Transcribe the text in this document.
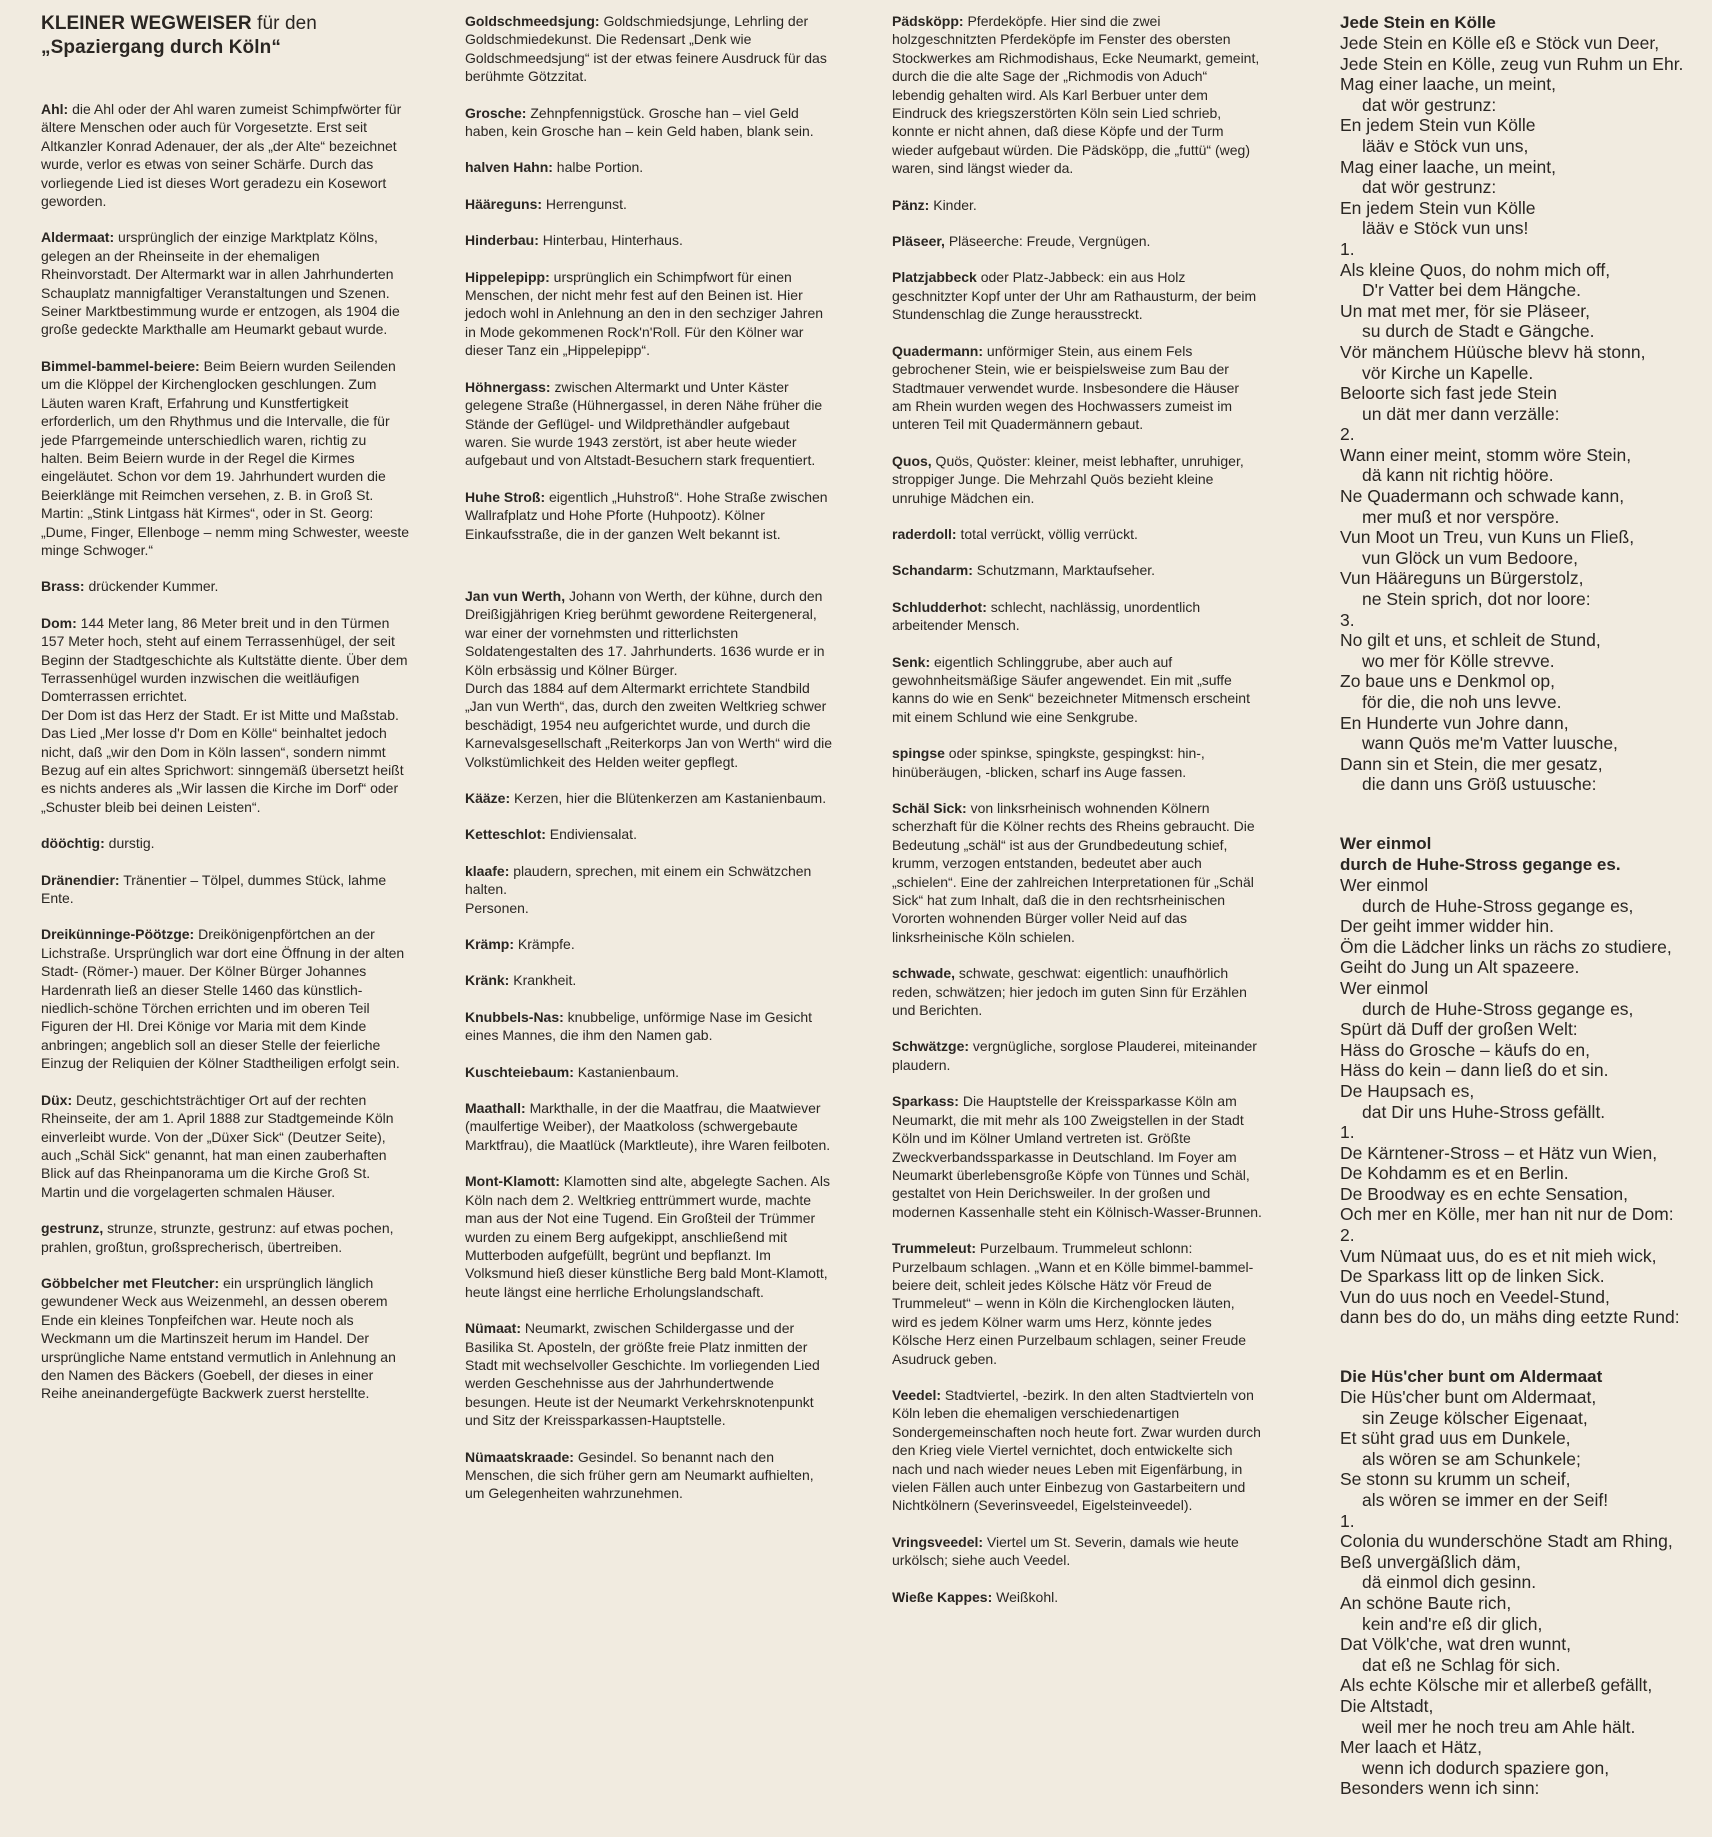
KLEINER WEGWEISER für den
„Spaziergang durch Köln“

Ahl: die Ahl oder der Ahl waren zumeist Schimpfwörter für ältere Menschen oder auch für Vorgesetzte. Erst seit Altkanzler Konrad Adenauer, der als „der Alte“ bezeichnet wurde, verlor es etwas von seiner Schärfe. Durch das vorliegende Lied ist dieses Wort geradezu ein Kosewort geworden.

Aldermaat: ursprünglich der einzige Marktplatz Kölns, gelegen an der Rheinseite in der ehemaligen Rheinvorstadt. Der Altermarkt war in allen Jahrhunderten Schauplatz mannigfaltiger Veranstaltungen und Szenen. Seiner Marktbestimmung wurde er entzogen, als 1904 die große gedeckte Markthalle am Heumarkt gebaut wurde.

Bimmel-bammel-beiere: Beim Beiern wurden Seilenden um die Klöppel der Kirchenglocken geschlungen. Zum Läuten waren Kraft, Erfahrung und Kunstfertigkeit erforderlich, um den Rhythmus und die Intervalle, die für jede Pfarrgemeinde unterschiedlich waren, richtig zu halten. Beim Beiern wurde in der Regel die Kirmes eingeläutet. Schon vor dem 19. Jahrhundert wurden die Beierklänge mit Reimchen versehen, z. B. in Groß St. Martin: „Stink Lintgass hät Kirmes“, oder in St. Georg: „Dume, Finger, Ellenboge – nemm ming Schwester, weeste minge Schwoger.“

Brass: drückender Kummer.

Dom: 144 Meter lang, 86 Meter breit und in den Türmen 157 Meter hoch, steht auf einem Terrassenhügel, der seit Beginn der Stadtgeschichte als Kultstätte diente. Über dem Terrassenhügel wurden inzwischen die weitläufigen Domterrassen errichtet.

Der Dom ist das Herz der Stadt. Er ist Mitte und Maßstab. Das Lied „Mer losse d'r Dom en Kölle“ beinhaltet jedoch nicht, daß „wir den Dom in Köln lassen“, sondern nimmt Bezug auf ein altes Sprichwort: sinngemäß übersetzt heißt es nichts anderes als „Wir lassen die Kirche im Dorf“ oder „Schuster bleib bei deinen Leisten“.

dööchtig: durstig.

Dränendier: Tränentier – Tölpel, dummes Stück, lahme Ente.

Dreikünninge-Pöötzge: Dreikönigenpförtchen an der Lichstraße. Ursprünglich war dort eine Öffnung in der alten Stadt- (Römer-) mauer. Der Kölner Bürger Johannes Hardenrath ließ an dieser Stelle 1460 das künstlich-niedlich-schöne Törchen errichten und im oberen Teil Figuren der Hl. Drei Könige vor Maria mit dem Kinde anbringen; angeblich soll an dieser Stelle der feierliche Einzug der Reliquien der Kölner Stadtheiligen erfolgt sein.

Düx: Deutz, geschichtsträchtiger Ort auf der rechten Rheinseite, der am 1. April 1888 zur Stadtgemeinde Köln einverleibt wurde. Von der „Düxer Sick“ (Deutzer Seite), auch „Schäl Sick“ genannt, hat man einen zauberhaften Blick auf das Rheinpanorama um die Kirche Groß St. Martin und die vorgelagerten schmalen Häuser.

gestrunz, strunze, strunzte, gestrunz: auf etwas pochen, prahlen, großtun, großsprecherisch, übertreiben.

Göbbelcher met Fleutcher: ein ursprünglich länglich gewundener Weck aus Weizenmehl, an dessen oberem Ende ein kleines Tonpfeifchen war. Heute noch als Weckmann um die Martinszeit herum im Handel. Der ursprüngliche Name entstand vermutlich in Anlehnung an den Namen des Bäckers (Goebell, der dieses in einer Reihe aneinandergefügte Backwerk zuerst herstellte.

Goldschmeedsjung: Goldschmiedsjunge, Lehrling der Goldschmiedekunst. Die Redensart „Denk wie Goldschmeedsjung“ ist der etwas feinere Ausdruck für das berühmte Götzzitat.

Grosche: Zehnpfennigstück. Grosche han – viel Geld haben, kein Grosche han – kein Geld haben, blank sein.

halven Hahn: halbe Portion.

Hääreguns: Herrengunst.

Hinderbau: Hinterbau, Hinterhaus.

Hippelepipp: ursprünglich ein Schimpfwort für einen Menschen, der nicht mehr fest auf den Beinen ist. Hier jedoch wohl in Anlehnung an den in den sechziger Jahren in Mode gekommenen Rock'n'Roll. Für den Kölner war dieser Tanz ein „Hippelepipp“.

Höhnergass: zwischen Altermarkt und Unter Käster gelegene Straße (Hühnergassel, in deren Nähe früher die Stände der Geflügel- und Wildprethändler aufgebaut waren. Sie wurde 1943 zerstört, ist aber heute wieder aufgebaut und von Altstadt-Besuchern stark frequentiert.

Huhe Stroß: eigentlich „Huhstroß“. Hohe Straße zwischen Wallrafplatz und Hohe Pforte (Huhpootz). Kölner Einkaufsstraße, die in der ganzen Welt bekannt ist.

Jan vun Werth, Johann von Werth, der kühne, durch den Dreißigjährigen Krieg berühmt gewordene Reitergeneral, war einer der vornehmsten und ritterlichsten Soldatengestalten des 17. Jahrhunderts. 1636 wurde er in Köln erbsässig und Kölner Bürger.

Durch das 1884 auf dem Altermarkt errichtete Standbild „Jan vun Werth“, das, durch den zweiten Weltkrieg schwer beschädigt, 1954 neu aufgerichtet wurde, und durch die Karnevalsgesellschaft „Reiterkorps Jan von Werth“ wird die Volkstümlichkeit des Helden weiter gepflegt.

Kääze: Kerzen, hier die Blütenkerzen am Kastanienbaum.

Ketteschlot: Endiviensalat.

klaafe: plaudern, sprechen, mit einem ein Schwätzchen halten.

Personen.

Krämp: Krämpfe.

Kränk: Krankheit.

Knubbels-Nas: knubbelige, unförmige Nase im Gesicht eines Mannes, die ihm den Namen gab.

Kuschteiebaum: Kastanienbaum.

Maathall: Markthalle, in der die Maatfrau, die Maatwiever (maulfertige Weiber), der Maatkoloss (schwergebaute Marktfrau), die Maatlück (Marktleute), ihre Waren feilboten.

Mont-Klamott: Klamotten sind alte, abgelegte Sachen. Als Köln nach dem 2. Weltkrieg enttrümmert wurde, machte man aus der Not eine Tugend. Ein Großteil der Trümmer wurden zu einem Berg aufgekippt, anschließend mit Mutterboden aufgefüllt, begrünt und bepflanzt. Im Volksmund hieß dieser künstliche Berg bald Mont-Klamott, heute längst eine herrliche Erholungslandschaft.

Nümaat: Neumarkt, zwischen Schildergasse und der Basilika St. Aposteln, der größte freie Platz inmitten der Stadt mit wechselvoller Geschichte. Im vorliegenden Lied werden Geschehnisse aus der Jahrhundertwende besungen. Heute ist der Neumarkt Verkehrsknotenpunkt und Sitz der Kreissparkassen-Hauptstelle.

Nümaatskraade: Gesindel. So benannt nach den Menschen, die sich früher gern am Neumarkt aufhielten, um Gelegenheiten wahrzunehmen.

Pädsköpp: Pferdeköpfe. Hier sind die zwei holzgeschnitzten Pferdeköpfe im Fenster des obersten Stockwerkes am Richmodishaus, Ecke Neumarkt, gemeint, durch die die alte Sage der „Richmodis von Aduch“ lebendig gehalten wird. Als Karl Berbuer unter dem Eindruck des kriegszerstörten Köln sein Lied schrieb, konnte er nicht ahnen, daß diese Köpfe und der Turm wieder aufgebaut würden. Die Pädsköpp, die „futtü“ (weg) waren, sind längst wieder da.

Pänz: Kinder.

Pläseer, Pläseerche: Freude, Vergnügen.

Platzjabbeck oder Platz-Jabbeck: ein aus Holz geschnitzter Kopf unter der Uhr am Rathausturm, der beim Stundenschlag die Zunge herausstreckt.

Quadermann: unförmiger Stein, aus einem Fels gebrochener Stein, wie er beispielsweise zum Bau der Stadtmauer verwendet wurde. Insbesondere die Häuser am Rhein wurden wegen des Hochwassers zumeist im unteren Teil mit Quadermännern gebaut.

Quos, Quös, Quöster: kleiner, meist lebhafter, unruhiger, stroppiger Junge. Die Mehrzahl Quös bezieht kleine unruhige Mädchen ein.

raderdoll: total verrückt, völlig verrückt.

Schandarm: Schutzmann, Marktaufseher.

Schludderhot: schlecht, nachlässig, unordentlich arbeitender Mensch.

Senk: eigentlich Schlinggrube, aber auch auf gewohnheitsmäßige Säufer angewendet. Ein mit „suffe kanns do wie en Senk“ bezeichneter Mitmensch erscheint mit einem Schlund wie eine Senkgrube.

spingse oder spinkse, spingkste, gespingkst: hin-, hinüberäugen, -blicken, scharf ins Auge fassen.

Schäl Sick: von linksrheinisch wohnenden Kölnern scherzhaft für die Kölner rechts des Rheins gebraucht. Die Bedeutung „schäl“ ist aus der Grundbedeutung schief, krumm, verzogen entstanden, bedeutet aber auch „schielen“. Eine der zahlreichen Interpretationen für „Schäl Sick“ hat zum Inhalt, daß die in den rechtsrheinischen Vororten wohnenden Bürger voller Neid auf das linksrheinische Köln schielen.

schwade, schwate, geschwat: eigentlich: unaufhörlich reden, schwätzen; hier jedoch im guten Sinn für Erzählen und Berichten.

Schwätzge: vergnügliche, sorglose Plauderei, miteinander plaudern.

Sparkass: Die Hauptstelle der Kreissparkasse Köln am Neumarkt, die mit mehr als 100 Zweigstellen in der Stadt Köln und im Kölner Umland vertreten ist. Größte Zweckverbandssparkasse in Deutschland. Im Foyer am Neumarkt überlebensgroße Köpfe von Tünnes und Schäl, gestaltet von Hein Derichsweiler. In der großen und modernen Kassenhalle steht ein Kölnisch-Wasser-Brunnen.

Trummeleut: Purzelbaum. Trummeleut schlonn: Purzelbaum schlagen. „Wann et en Kölle bimmel-bammel-beiere deit, schleit jedes Kölsche Hätz vör Freud de Trummeleut“ – wenn in Köln die Kirchenglocken läuten, wird es jedem Kölner warm ums Herz, könnte jedes Kölsche Herz einen Purzelbaum schlagen, seiner Freude Asudruck geben.

Veedel: Stadtviertel, -bezirk. In den alten Stadtvierteln von Köln leben die ehemaligen verschiedenartigen Sondergemeinschaften noch heute fort. Zwar wurden durch den Krieg viele Viertel vernichtet, doch entwickelte sich nach und nach wieder neues Leben mit Eigenfärbung, in vielen Fällen auch unter Einbezug von Gastarbeitern und Nichtkölnern (Severinsveedel, Eigelsteinveedel).

Vringsveedel: Viertel um St. Severin, damals wie heute urkölsch; siehe auch Veedel.

Wieße Kappes: Weißkohl.

Jede Stein en Kölle

Jede Stein en Kölle eß e Stöck vun Deer,

Jede Stein en Kölle, zeug vun Ruhm un Ehr.

Mag einer laache, un meint,

dat wör gestrunz:

En jedem Stein vun Kölle

lääv e Stöck vun uns,

Mag einer laache, un meint,

dat wör gestrunz:

En jedem Stein vun Kölle

lääv e Stöck vun uns!

1.

Als kleine Quos, do nohm mich off,

D'r Vatter bei dem Hängche.

Un mat met mer, för sie Pläseer,

su durch de Stadt e Gängche.

Vör mänchem Hüüsche blevv hä stonn,

vör Kirche un Kapelle.

Beloorte sich fast jede Stein

un dät mer dann verzälle:

2.

Wann einer meint, stomm wöre Stein,

dä kann nit richtig hööre.

Ne Quadermann och schwade kann,

mer muß et nor verspöre.

Vun Moot un Treu, vun Kuns un Fließ,

vun Glöck un vum Bedoore,

Vun Hääreguns un Bürgerstolz,

ne Stein sprich, dot nor loore:

3.

No gilt et uns, et schleit de Stund,

wo mer för Kölle strevve.

Zo baue uns e Denkmol op,

för die, die noh uns levve.

En Hunderte vun Johre dann,

wann Quös me'm Vatter luusche,

Dann sin et Stein, die mer gesatz,

die dann uns Größ ustuusche:

Wer einmol

durch de Huhe-Stross gegange es.

Wer einmol

durch de Huhe-Stross gegange es,

Der geiht immer widder hin.

Öm die Lädcher links un rächs zo studiere,

Geiht do Jung un Alt spazeere.

Wer einmol

durch de Huhe-Stross gegange es,

Spürt dä Duff der großen Welt:

Häss do Grosche – käufs do en,

Häss do kein – dann ließ do et sin.

De Haupsach es,

dat Dir uns Huhe-Stross gefällt.

1.

De Kärntener-Stross – et Hätz vun Wien,

De Kohdamm es et en Berlin.

De Broodway es en echte Sensation,

Och mer en Kölle, mer han nit nur de Dom:

2.

Vum Nümaat uus, do es et nit mieh wick,

De Sparkass litt op de linken Sick.

Vun do uus noch en Veedel-Stund,

dann bes do do, un mähs ding eetzte Rund:

Die Hüs'cher bunt om Aldermaat

Die Hüs'cher bunt om Aldermaat,

sin Zeuge kölscher Eigenaat,

Et süht grad uus em Dunkele,

als wören se am Schunkele;

Se stonn su krumm un scheif,

als wören se immer en der Seif!

1.

Colonia du wunderschöne Stadt am Rhing,

Beß unvergäßlich däm,

dä einmol dich gesinn.

An schöne Baute rich,

kein and're eß dir glich,

Dat Völk'che, wat dren wunnt,

dat eß ne Schlag för sich.

Als echte Kölsche mir et allerbeß gefällt,

Die Altstadt,

weil mer he noch treu am Ahle hält.

Mer laach et Hätz,

wenn ich dodurch spaziere gon,

Besonders wenn ich sinn:
